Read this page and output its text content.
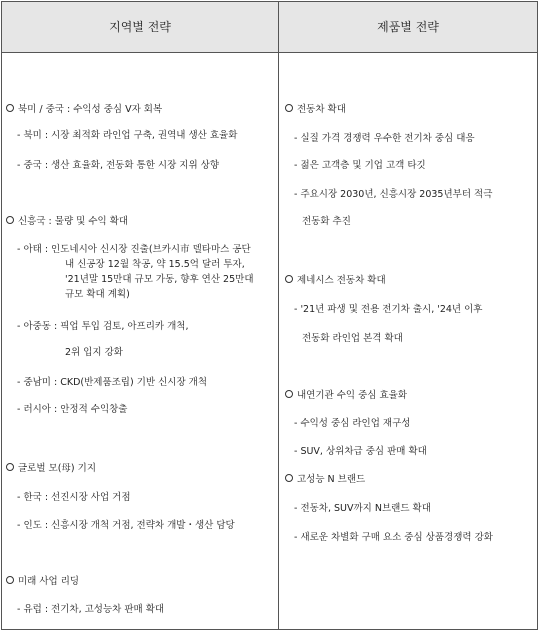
지역별 전략	제품별 전략
북미 / 중국 : 수익성 중심 V자 회복
- 북미 : 시장 최적화 라인업 구축, 권역내 생산 효율화
- 중국 : 생산 효율화, 전동화 통한 시장 지위 상향
신흥국 : 물량 및 수익 확대
- 아태 : 인도네시아 신시장 진출(브카시市 델타마스 공단
내 신공장 12월 착공, 약 15.5억 달러 투자,
'21년말 15만대 규모 가동, 향후 연산 25만대
규모 확대 계획)
- 아중동 : 픽업 투입 검토, 아프리카 개척,
2위 입지 강화
- 중남미 : CKD(반제품조립) 기반 신시장 개척
- 러시아 : 안정적 수익창출
글로벌 모(母) 기지
- 한국 : 선진시장 사업 거점
- 인도 : 신흥시장 개척 거점, 전략차 개발・생산 담당
미래 사업 리딩
- 유럽 : 전기차, 고성능차 판매 확대
전동차 확대
- 실질 가격 경쟁력 우수한 전기차 중심 대응
- 젊은 고객층 및 기업 고객 타깃
- 주요시장 2030년, 신흥시장 2035년부터 적극
전동화 추진
제네시스 전동차 확대
- '21년 파생 및 전용 전기차 출시, '24년 이후
전동화 라인업 본격 확대
내연기관 수익 중심 효율화
- 수익성 중심 라인업 재구성
- SUV, 상위차급 중심 판매 확대
고성능 N 브랜드
- 전동차, SUV까지 N브랜드 확대
- 새로운 차별화 구매 요소 중심 상품경쟁력 강화
